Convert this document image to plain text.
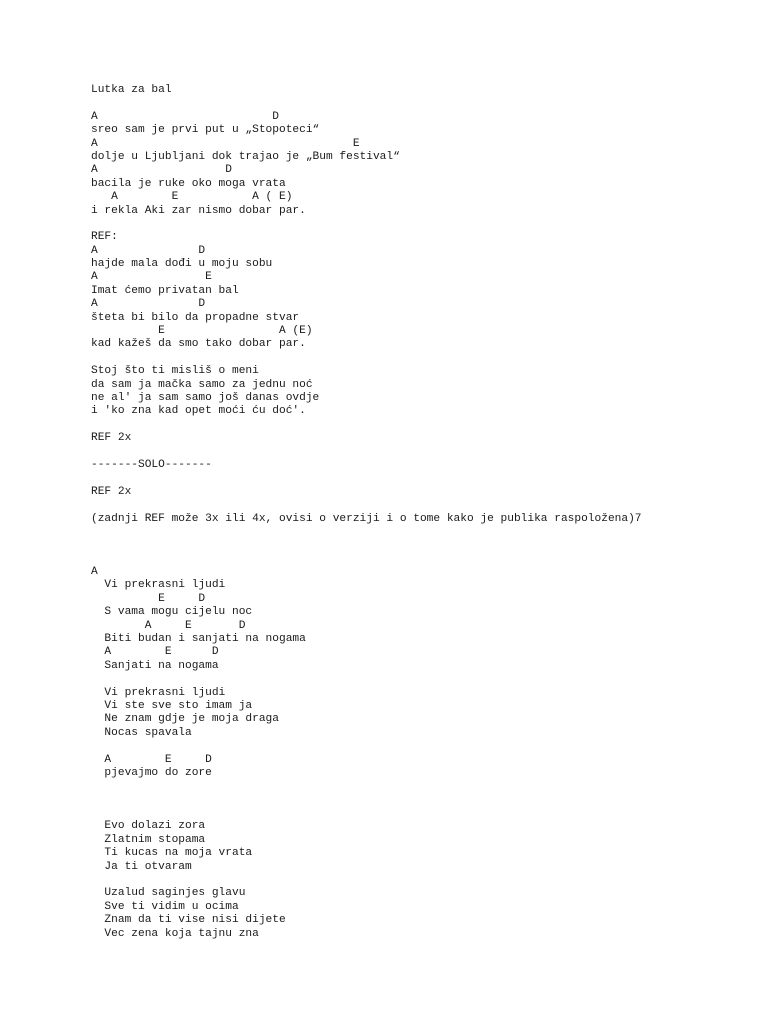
Lutka za bal
A                          D
sreo sam je prvi put u „Stopoteci“
A                                      E
dolje u Ljubljani dok trajao je „Bum festival“
A                   D
bacila je ruke oko moga vrata
A        E           A ( E)
i rekla Aki zar nismo dobar par.
REF:
A               D
hajde mala dođi u moju sobu
A                E
Imat ćemo privatan bal
A               D
šteta bi bilo da propadne stvar
E                 A (E)
kad kažeš da smo tako dobar par.
Stoj što ti misliš o meni
da sam ja mačka samo za jednu noć
ne al' ja sam samo još danas ovdje
i 'ko zna kad opet moći ću doć'.
REF 2x
-------SOLO-------
REF 2x
(zadnji REF može 3x ili 4x, ovisi o verziji i o tome kako je publika raspoložena)7
A
Vi prekrasni ljudi
E     D
S vama mogu cijelu noc
A     E       D
Biti budan i sanjati na nogama
A        E      D
Sanjati na nogama
Vi prekrasni ljudi
Vi ste sve sto imam ja
Ne znam gdje je moja draga
Nocas spavala
A        E     D
pjevajmo do zore
Evo dolazi zora
Zlatnim stopama
Ti kucas na moja vrata
Ja ti otvaram
Uzalud saginjes glavu
Sve ti vidim u ocima
Znam da ti vise nisi dijete
Vec zena koja tajnu zna
